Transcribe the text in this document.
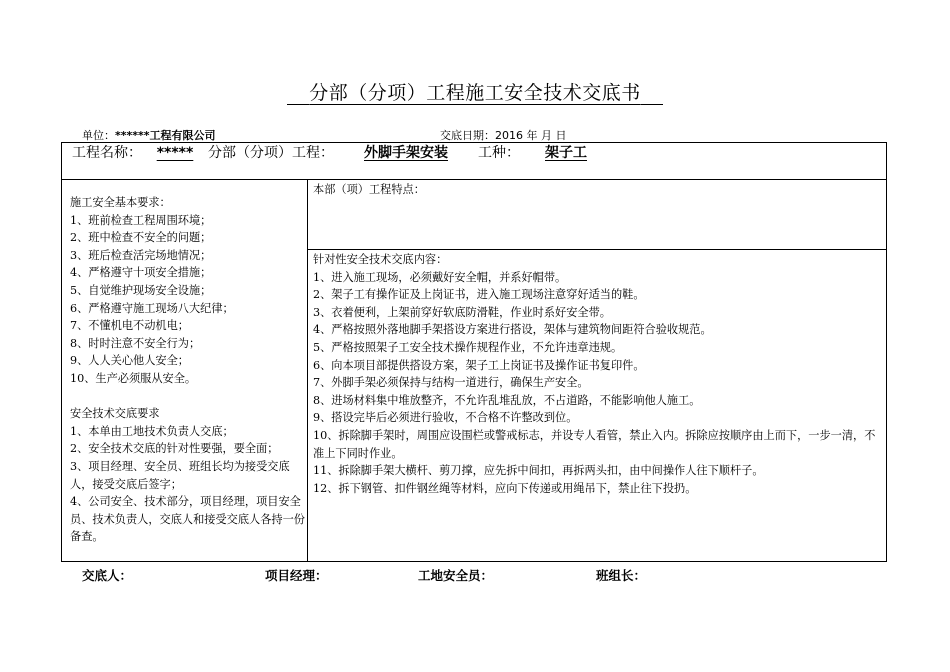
分部（分项）工程施工安全技术交底书
单位：******工程有限公司	交底日期：2016 年 月 日
工程名称： ***** 分部（分项）工程： 外脚手架安装 工种： 架子工
施工安全基本要求：
1、班前检查工程周围环境；
2、班中检查不安全的问题；
3、班后检查活完场地情况；
4、严格遵守十项安全措施；
5、自觉维护现场安全设施；
6、严格遵守施工现场八大纪律；
7、不懂机电不动机电；
8、时时注意不安全行为；
9、人人关心他人安全；
10、生产必须服从安全。
安全技术交底要求
1、本单由工地技术负责人交底；
2、安全技术交底的针对性要强，要全面；
3、项目经理、安全员、班组长均为接受交底人，接受交底后签字；
4、公司安全、技术部分，项目经理，项目安全员、技术负责人，交底人和接受交底人各持一份备查。
本部（项）工程特点：
针对性安全技术交底内容：
1、进入施工现场，必须戴好安全帽，并系好帽带。
2、架子工有操作证及上岗证书，进入施工现场注意穿好适当的鞋。
3、衣着便利，上架前穿好软底防滑鞋，作业时系好安全带。
4、严格按照外落地脚手架搭设方案进行搭设，架体与建筑物间距符合验收规范。
5、严格按照架子工安全技术操作规程作业，不允许违章违规。
6、向本项目部提供搭设方案，架子工上岗证书及操作证书复印件。
7、外脚手架必须保持与结构一道进行，确保生产安全。
8、进场材料集中堆放整齐，不允许乱堆乱放，不占道路，不能影响他人施工。
9、搭设完毕后必须进行验收，不合格不许整改到位。
10、拆除脚手架时，周围应设围栏或警戒标志，并设专人看管，禁止入内。拆除应按顺序由上而下，一步一清，不准上下同时作业。
11、拆除脚手架大横杆、剪刀撑，应先拆中间扣，再拆两头扣，由中间操作人往下顺杆子。
12、拆下钢管、扣件钢丝绳等材料，应向下传递或用绳吊下，禁止往下投扔。
交底人：	项目经理：	工地安全员：	班组长：
